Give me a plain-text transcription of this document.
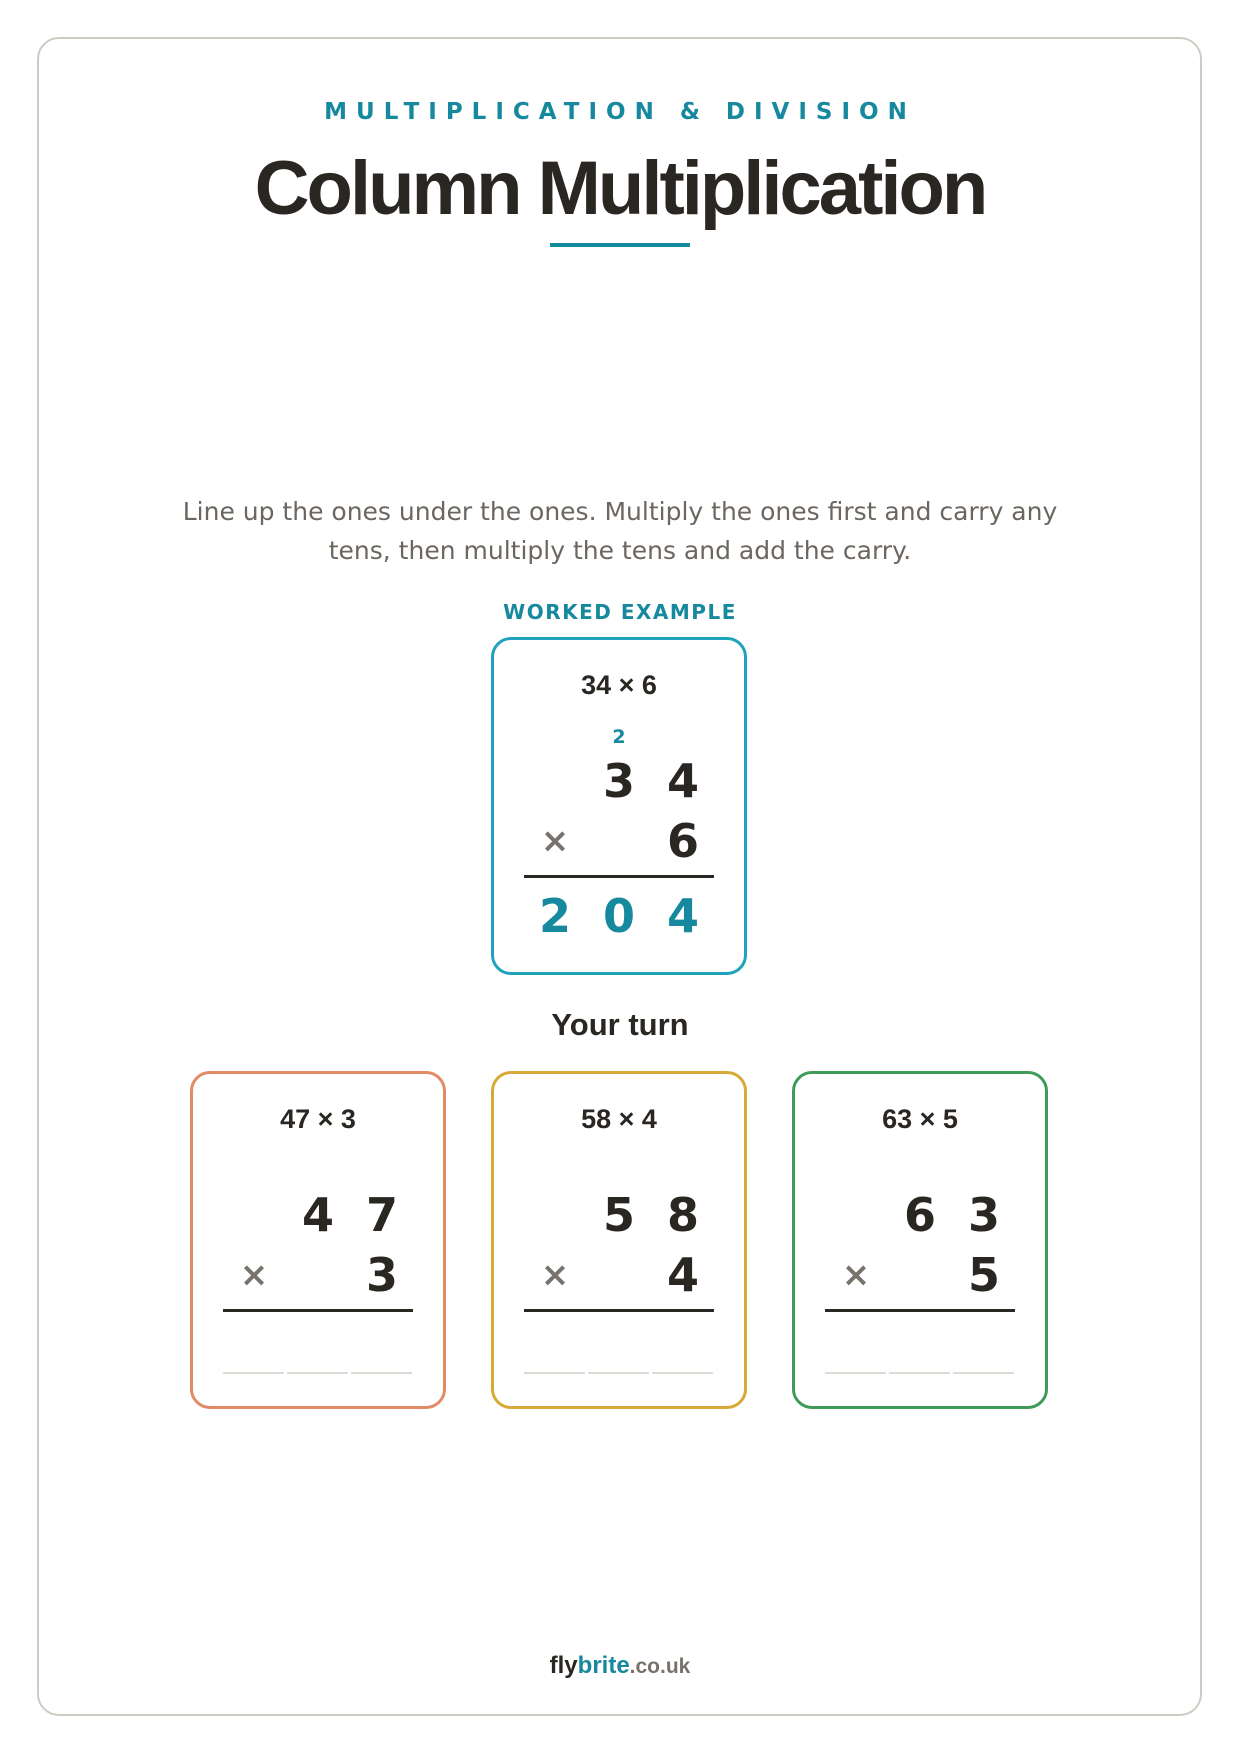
MULTIPLICATION & DIVISION
Column Multiplication
Line up the ones under the ones. Multiply the ones first and carry any tens, then multiply the tens and add the carry.
WORKED EXAMPLE
34 × 6
2
3 4
× 6
2 0 4
Your turn
47 × 3
4 7
× 3
58 × 4
5 8
× 4
63 × 5
6 3
× 5
flybrite.co.uk
